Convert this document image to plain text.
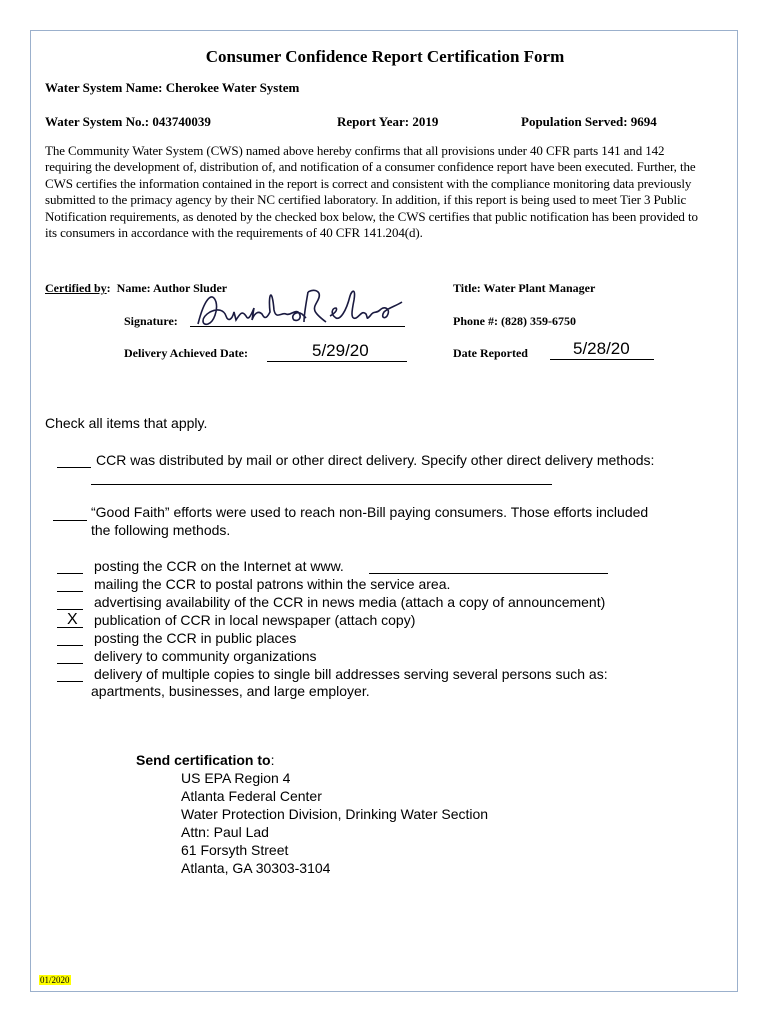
Consumer Confidence Report Certification Form
Water System Name: Cherokee Water System
Water System No.: 043740039	Report Year: 2019	Population Served: 9694
The Community Water System (CWS) named above hereby confirms that all provisions under 40 CFR parts 141 and 142 requiring the development of, distribution of, and notification of a consumer confidence report have been executed. Further, the CWS certifies the information contained in the report is correct and consistent with the compliance monitoring data previously submitted to the primacy agency by their NC certified laboratory. In addition, if this report is being used to meet Tier 3 Public Notification requirements, as denoted by the checked box below, the CWS certifies that public notification has been provided to its consumers in accordance with the requirements of 40 CFR 141.204(d).
Certified by:  Name: Author Sluder	Title: Water Plant Manager
Signature:	Phone #: (828) 359-6750
Delivery Achieved Date:	5/29/20	Date Reported	5/28/20
Check all items that apply.
CCR was distributed by mail or other direct delivery. Specify other direct delivery methods:
“Good Faith” efforts were used to reach non-Bill paying consumers. Those efforts included
the following methods.
posting the CCR on the Internet at www.
mailing the CCR to postal patrons within the service area.
advertising availability of the CCR in news media (attach a copy of announcement)
X publication of CCR in local newspaper (attach copy)
posting the CCR in public places
delivery to community organizations
delivery of multiple copies to single bill addresses serving several persons such as:
apartments, businesses, and large employer.
Send certification to:
US EPA Region 4
Atlanta Federal Center
Water Protection Division, Drinking Water Section
Attn: Paul Lad
61 Forsyth Street
Atlanta, GA 30303-3104
01/2020
